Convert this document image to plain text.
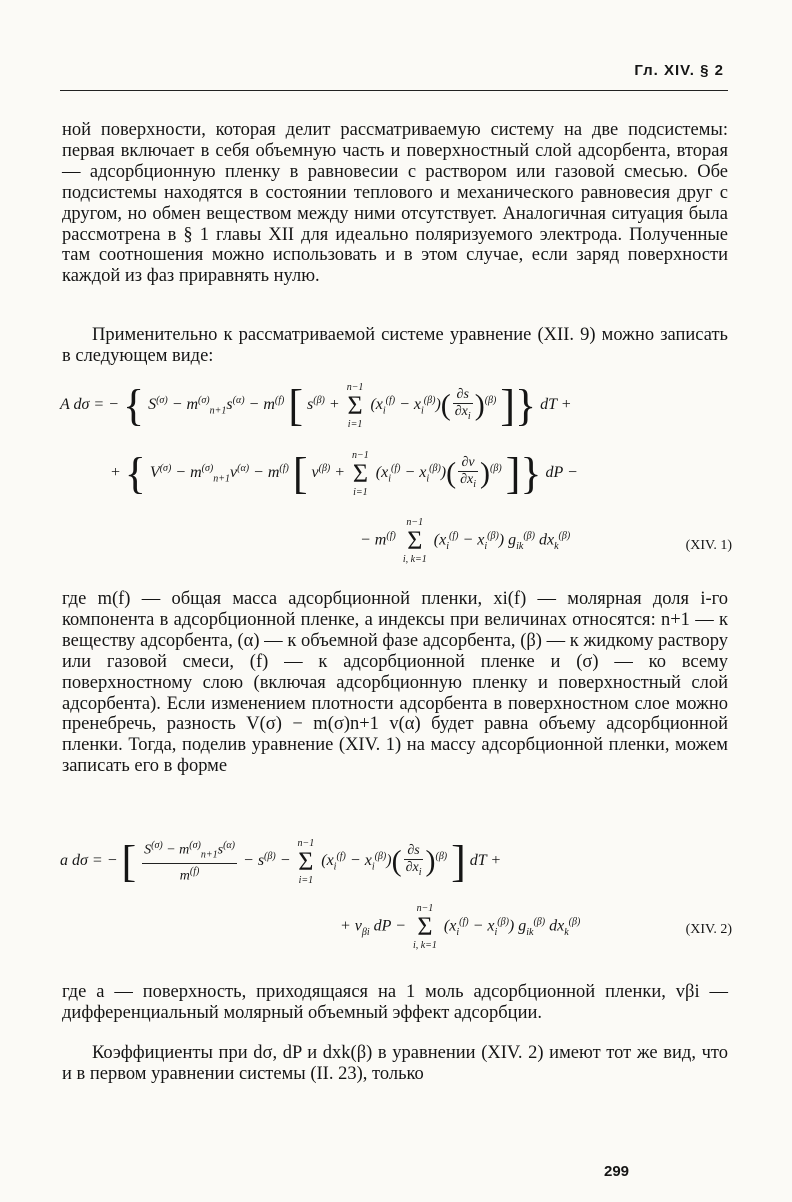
Гл. XIV. § 2
ной поверхности, которая делит рассматриваемую систему на две подсистемы: первая включает в себя объемную часть и поверхностный слой адсорбента, вторая — адсорбционную пленку в равновесии с раствором или газовой смесью. Обе подсистемы находятся в состоянии теплового и механического равновесия друг с другом, но обмен веществом между ними отсутствует. Аналогичная ситуация была рассмотрена в § 1 главы XII для идеально поляризуемого электрода. Полученные там соотношения можно использовать и в этом случае, если заряд поверхности каждой из фаз приравнять нулю.
Применительно к рассматриваемой системе уравнение (XII. 9) можно записать в следующем виде:
A dσ = − { $S^{(\sigma)} - m^{(\sigma)}_{n+1}s^{(\alpha)} - m^{(f)}$ [ $s^{(\beta)}$ +
n−1
Σ
i=1
$(x_i^{(f)} - x_i^{(\beta)})( \frac{\partial s}{\partial x_i} )^{(\beta)}$ ]} dT +
+ { $V^{(\sigma)} - m^{(\sigma)}_{n+1}v^{(\alpha)} - m^{(f)}$ [ $v^{(\beta)}$ +
n−1
Σ
i=1
$(x_i^{(f)} - x_i^{(\beta)})( \frac{\partial v}{\partial x_i} )^{(\beta)}$ ]} dP −
− $m^{(f)}$
n−1
Σ
i, k=1
$(x_i^{(f)} - x_i^{(\beta)})$ $g_{ik}^{(\beta)}$ $dx_k^{(\beta)}$
(XIV. 1)
где m(f) — общая масса адсорбционной пленки, xi(f) — молярная доля i-го компонента в адсорбционной пленке, а индексы при величинах относятся: n+1 — к веществу адсорбента, (α) — к объемной фазе адсорбента, (β) — к жидкому раствору или газовой смеси, (f) — к адсорбционной пленке и (σ) — ко всему поверхностному слою (включая адсорбционную пленку и поверхностный слой адсорбента). Если изменением плотности адсорбента в поверхностном слое можно пренебречь, разность V(σ) − m(σ)n+1 v(α) будет равна объему адсорбционной пленки. Тогда, поделив уравнение (XIV. 1) на массу адсорбционной пленки, можем записать его в форме
a dσ = − [ $\frac{S^{(\sigma)} - m^{(\sigma)}_{n+1}s^{(\alpha)}}{m^{(f)}} - s^{(\beta)}$ −
n−1
Σ
i=1
$(x_i^{(f)} - x_i^{(\beta)})( \frac{\partial s}{\partial x_i} )^{(\beta)}$ ] dT +
+ $v_{\beta i}$ dP −
n−1
Σ
i, k=1
$(x_i^{(f)} - x_i^{(\beta)})$ $g_{ik}^{(\beta)}$ $dx_k^{(\beta)}$
(XIV. 2)
где a — поверхность, приходящаяся на 1 моль адсорбционной пленки, vβi — дифференциальный молярный объемный эффект адсорбции.
Коэффициенты при dσ, dP и dxk(β) в уравнении (XIV. 2) имеют тот же вид, что и в первом уравнении системы (II. 23), только
299
